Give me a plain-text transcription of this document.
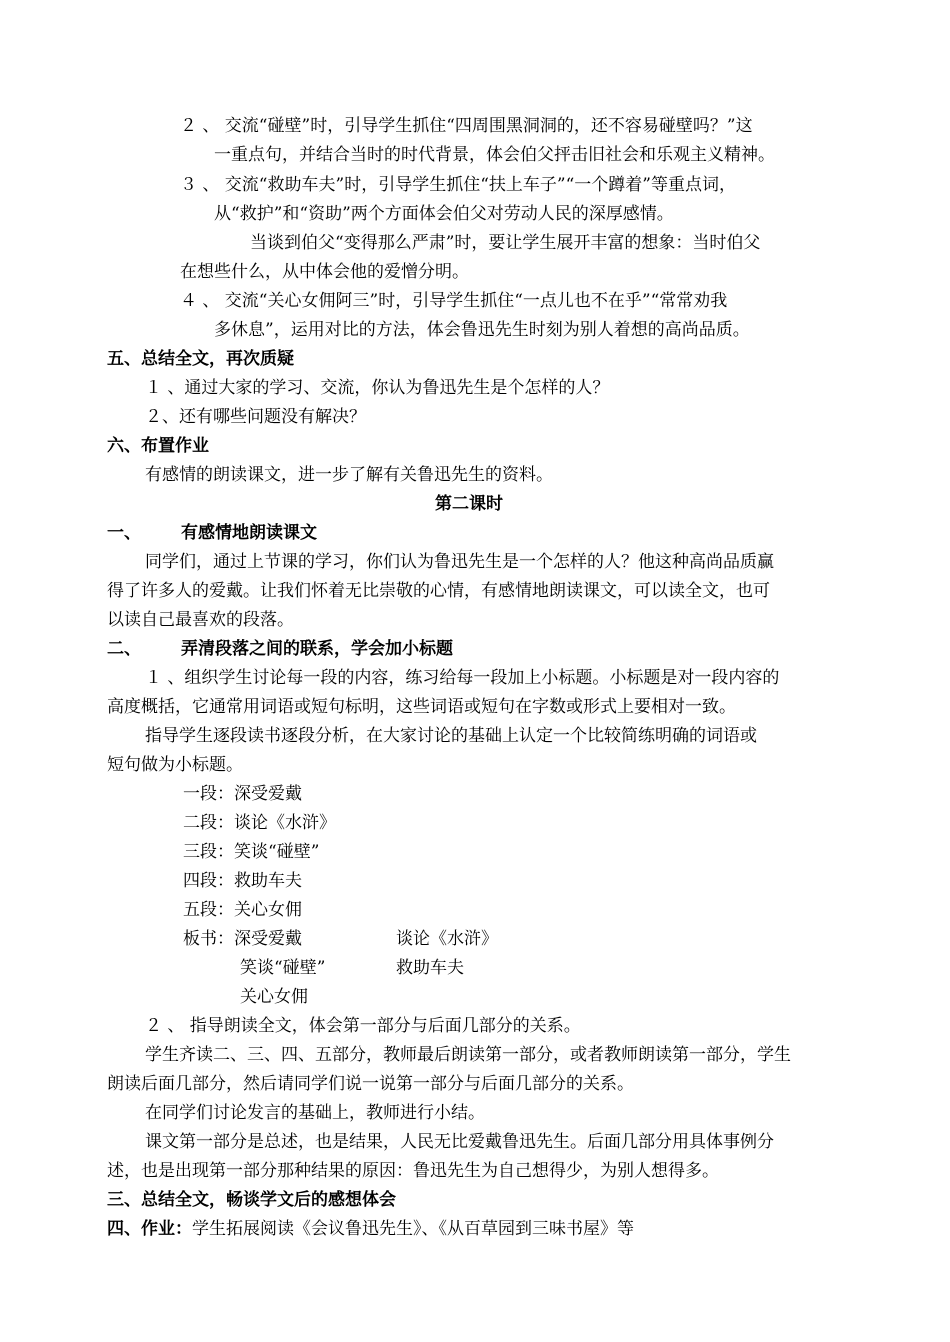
２ 、 交流“碰壁”时，引导学生抓住“四周围黑洞洞的，还不容易碰壁吗？”这
一重点句，并结合当时的时代背景，体会伯父抨击旧社会和乐观主义精神。
３ 、 交流“救助车夫”时，引导学生抓住“扶上车子”“一个蹲着”等重点词，
从“救护”和“资助”两个方面体会伯父对劳动人民的深厚感情。
当谈到伯父“变得那么严肃”时，要让学生展开丰富的想象：当时伯父
在想些什么，从中体会他的爱憎分明。
４ 、 交流“关心女佣阿三”时，引导学生抓住“一点儿也不在乎”“常常劝我
多休息”，运用对比的方法，体会鲁迅先生时刻为别人着想的高尚品质。
五、总结全文，再次质疑
１ 、通过大家的学习、交流，你认为鲁迅先生是个怎样的人？
２、还有哪些问题没有解决？
六、布置作业
有感情的朗读课文，进一步了解有关鲁迅先生的资料。
第二课时
一、 有感情地朗读课文
同学们，通过上节课的学习，你们认为鲁迅先生是一个怎样的人？他这种高尚品质赢
得了许多人的爱戴。让我们怀着无比崇敬的心情，有感情地朗读课文，可以读全文，也可
以读自己最喜欢的段落。
二、 弄清段落之间的联系，学会加小标题
１ 、组织学生讨论每一段的内容，练习给每一段加上小标题。小标题是对一段内容的
高度概括，它通常用词语或短句标明，这些词语或短句在字数或形式上要相对一致。
指导学生逐段读书逐段分析，在大家讨论的基础上认定一个比较简练明确的词语或
短句做为小标题。
一段：深受爱戴
二段：谈论《水浒》
三段：笑谈“碰壁”
四段：救助车夫
五段：关心女佣
板书：深受爱戴	谈论《水浒》
笑谈“碰壁”	救助车夫
关心女佣
２ 、 指导朗读全文，体会第一部分与后面几部分的关系。
学生齐读二、三、四、五部分，教师最后朗读第一部分，或者教师朗读第一部分，学生
朗读后面几部分，然后请同学们说一说第一部分与后面几部分的关系。
在同学们讨论发言的基础上，教师进行小结。
课文第一部分是总述，也是结果，人民无比爱戴鲁迅先生。后面几部分用具体事例分
述，也是出现第一部分那种结果的原因：鲁迅先生为自己想得少，为别人想得多。
三、总结全文，畅谈学文后的感想体会
四、作业：学生拓展阅读《会议鲁迅先生》、《从百草园到三味书屋》等
